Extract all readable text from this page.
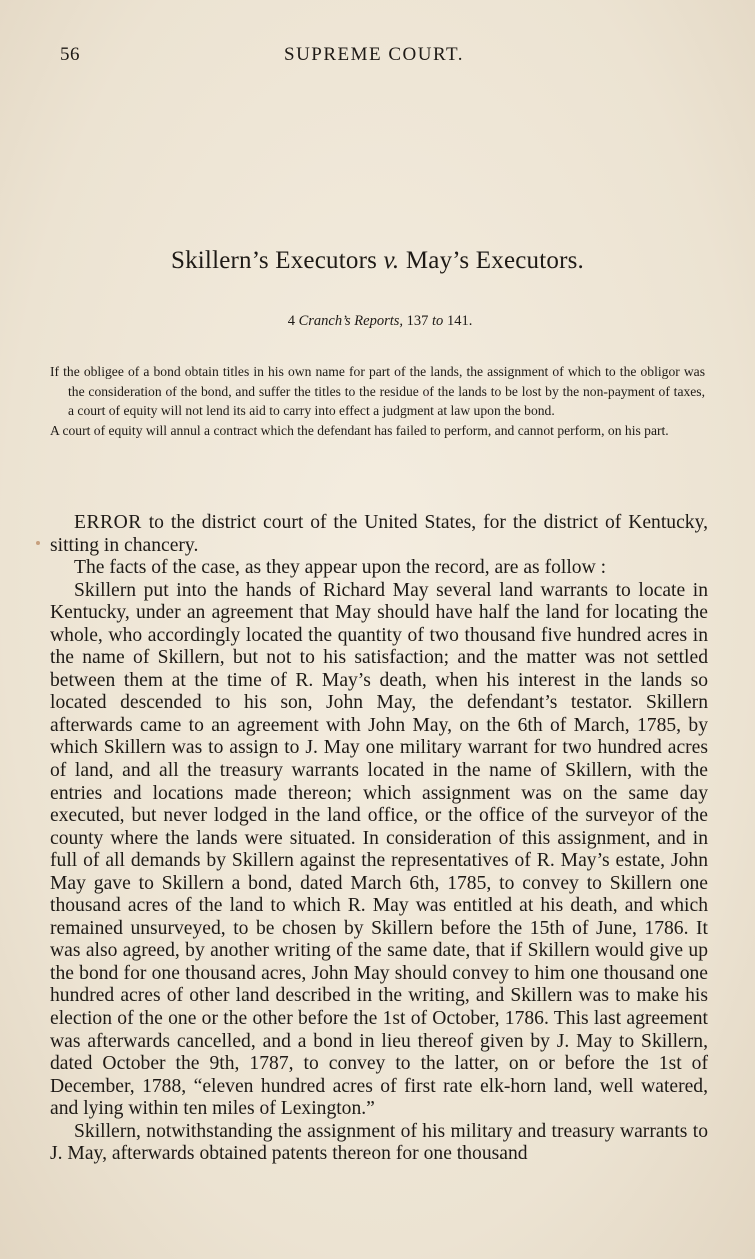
56	SUPREME COURT.
Skillern’s Executors v. May’s Executors.
4 Cranch’s Reports, 137 to 141.

If the obligee of a bond obtain titles in his own name for part of the lands, the assignment of which to the obligor was the consideration of the bond, and suffer the titles to the residue of the lands to be lost by the non-payment of taxes, a court of equity will not lend its aid to carry into effect a judgment at law upon the bond.

A court of equity will annul a contract which the defendant has failed to perform, and cannot perform, on his part.

ERROR to the district court of the United States, for the district of Kentucky, sitting in chancery.

The facts of the case, as they appear upon the record, are as follow :

Skillern put into the hands of Richard May several land warrants to locate in Kentucky, under an agreement that May should have half the land for locating the whole, who accordingly located the quantity of two thousand five hundred acres in the name of Skillern, but not to his satisfaction; and the matter was not settled between them at the time of R. May’s death, when his interest in the lands so located descended to his son, John May, the defendant’s testator. Skillern afterwards came to an agreement with John May, on the 6th of March, 1785, by which Skillern was to assign to J. May one military warrant for two hundred acres of land, and all the treasury warrants located in the name of Skillern, with the entries and locations made thereon; which assignment was on the same day executed, but never lodged in the land office, or the office of the surveyor of the county where the lands were situated. In consideration of this assignment, and in full of all demands by Skillern against the representatives of R. May’s estate, John May gave to Skillern a bond, dated March 6th, 1785, to convey to Skillern one thousand acres of the land to which R. May was entitled at his death, and which remained unsurveyed, to be chosen by Skillern before the 15th of June, 1786. It was also agreed, by another writing of the same date, that if Skillern would give up the bond for one thousand acres, John May should convey to him one thousand one hundred acres of other land described in the writing, and Skillern was to make his election of the one or the other before the 1st of October, 1786. This last agreement was afterwards cancelled, and a bond in lieu thereof given by J. May to Skillern, dated October the 9th, 1787, to convey to the latter, on or before the 1st of December, 1788, “eleven hundred acres of first rate elk-horn land, well watered, and lying within ten miles of Lexington.”

Skillern, notwithstanding the assignment of his military and treasury warrants to J. May, afterwards obtained patents thereon for one thousand
